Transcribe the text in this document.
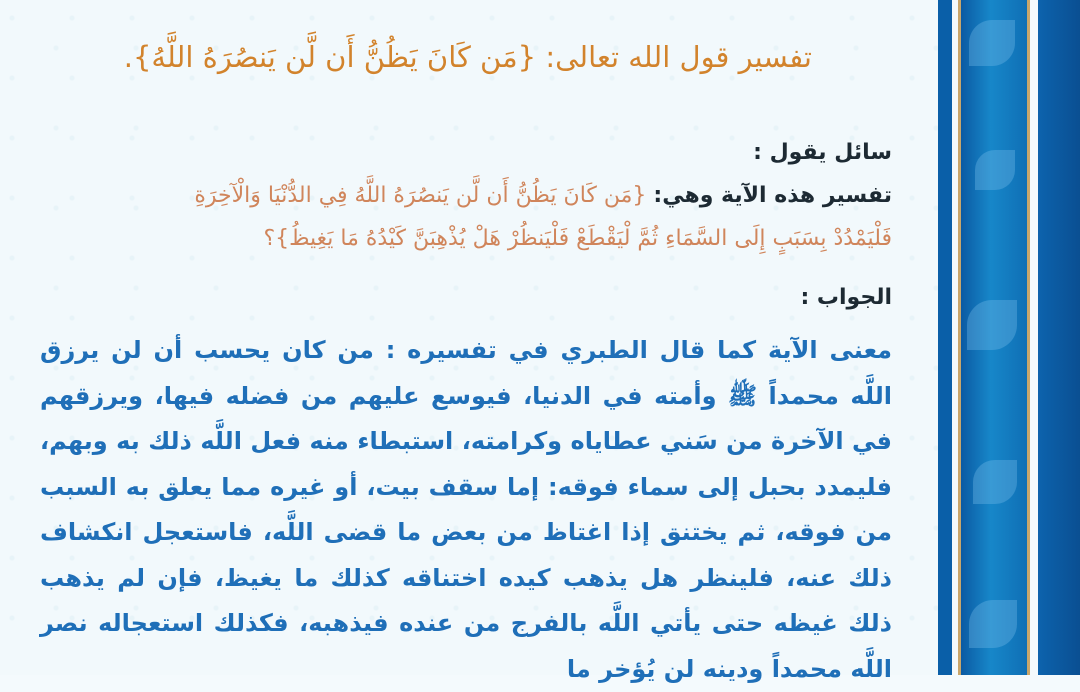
تفسير قول الله تعالى: {مَن كَانَ يَظُنُّ أَن لَّن يَنصُرَهُ اللَّهُ}.
سائل يقول :
تفسير هذه الآية وهي: {مَن كَانَ يَظُنُّ أَن لَّن يَنصُرَهُ اللَّهُ فِي الدُّنْيَا وَالْآخِرَةِ
فَلْيَمْدُدْ بِسَبَبٍ إِلَى السَّمَاءِ ثُمَّ لْيَقْطَعْ فَلْيَنظُرْ هَلْ يُذْهِبَنَّ كَيْدُهُ مَا يَغِيظُ}؟
الجواب :
معنى الآية كما قال الطبري في تفسيره : من كان يحسب أن لن يرزق اللَّه محمداً ﷺ وأمته في الدنيا، فيوسع عليهم من فضله فيها، ويرزقهم في الآخرة من سَني عطاياه وكرامته، استبطاء منه فعل اللَّه ذلك به وبهم، فليمدد بحبل إلى سماء فوقه: إما سقف بيت، أو غيره مما يعلق به السبب من فوقه، ثم يختنق إذا اغتاظ من بعض ما قضى اللَّه، فاستعجل انكشاف ذلك عنه، فلينظر هل يذهب كيده اختناقه كذلك ما يغيظ، فإن لم يذهب ذلك غيظه حتى يأتي اللَّه بالفرج من عنده فيذهبه، فكذلك استعجاله نصر اللَّه محمداً ودينه لن يُؤخر ما
